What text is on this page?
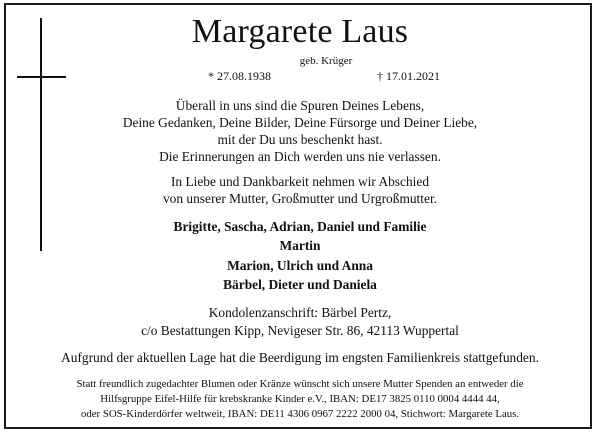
Margarete Laus
geb. Krüger
* 27.08.1938	† 17.01.2021
Überall in uns sind die Spuren Deines Lebens,
Deine Gedanken, Deine Bilder, Deine Fürsorge und Deiner Liebe,
mit der Du uns beschenkt hast.
Die Erinnerungen an Dich werden uns nie verlassen.
In Liebe und Dankbarkeit nehmen wir Abschied
von unserer Mutter, Großmutter und Urgroßmutter.
Brigitte, Sascha, Adrian, Daniel und Familie
Martin
Marion, Ulrich und Anna
Bärbel, Dieter und Daniela
Kondolenzanschrift: Bärbel Pertz,
c/o Bestattungen Kipp, Nevigeser Str. 86, 42113 Wuppertal
Aufgrund der aktuellen Lage hat die Beerdigung im engsten Familienkreis stattgefunden.
Statt freundlich zugedachter Blumen oder Kränze wünscht sich unsere Mutter Spenden an entweder die
Hilfsgruppe Eifel-Hilfe für krebskranke Kinder e.V., IBAN: DE17 3825 0110 0004 4444 44,
oder SOS-Kinderdörfer weltweit, IBAN: DE11 4306 0967 2222 2000 04, Stichwort: Margarete Laus.
